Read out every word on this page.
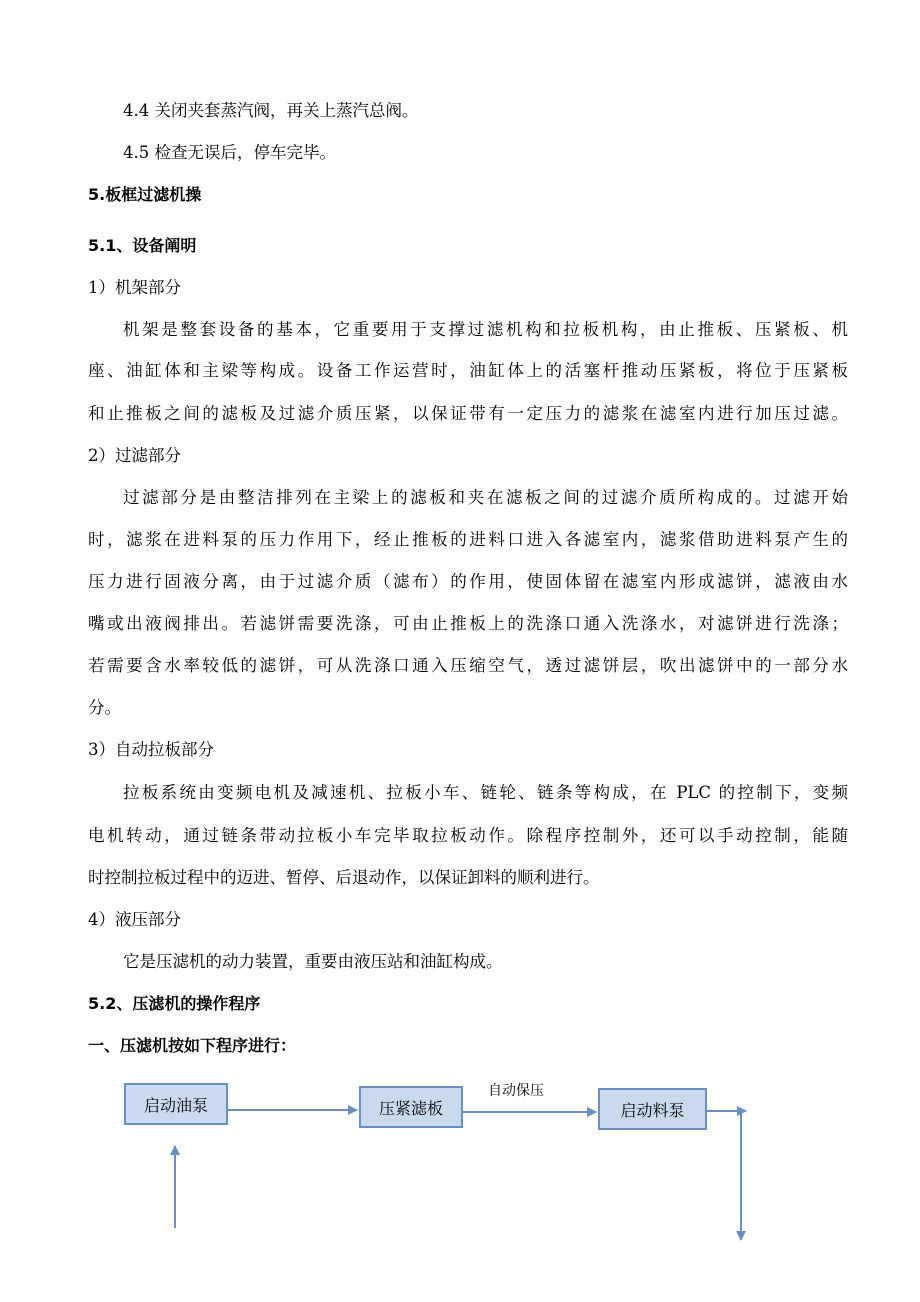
4.4 关闭夹套蒸汽阀，再关上蒸汽总阀。
4.5 检查无误后，停车完毕。
5.板框过滤机操
5.1、设备阐明
1）机架部分
机架是整套设备的基本，它重要用于支撑过滤机构和拉板机构，由止推板、压紧板、机
座、油缸体和主梁等构成。设备工作运营时，油缸体上的活塞杆推动压紧板，将位于压紧板
和止推板之间的滤板及过滤介质压紧，以保证带有一定压力的滤浆在滤室内进行加压过滤。
2）过滤部分
过滤部分是由整洁排列在主梁上的滤板和夹在滤板之间的过滤介质所构成的。过滤开始
时，滤浆在进料泵的压力作用下，经止推板的进料口进入各滤室内，滤浆借助进料泵产生的
压力进行固液分离，由于过滤介质（滤布）的作用，使固体留在滤室内形成滤饼，滤液由水
嘴或出液阀排出。若滤饼需要洗涤，可由止推板上的洗涤口通入洗涤水，对滤饼进行洗涤；
若需要含水率较低的滤饼，可从洗涤口通入压缩空气，透过滤饼层，吹出滤饼中的一部分水
分。
3）自动拉板部分
拉板系统由变频电机及减速机、拉板小车、链轮、链条等构成，在 PLC 的控制下，变频
电机转动，通过链条带动拉板小车完毕取拉板动作。除程序控制外，还可以手动控制，能随
时控制拉板过程中的迈进、暂停、后退动作，以保证卸料的顺利进行。
4）液压部分
它是压滤机的动力装置，重要由液压站和油缸构成。
5.2、压滤机的操作程序
一、压滤机按如下程序进行：
启动油泵	压紧滤板	启动料泵
自动保压
